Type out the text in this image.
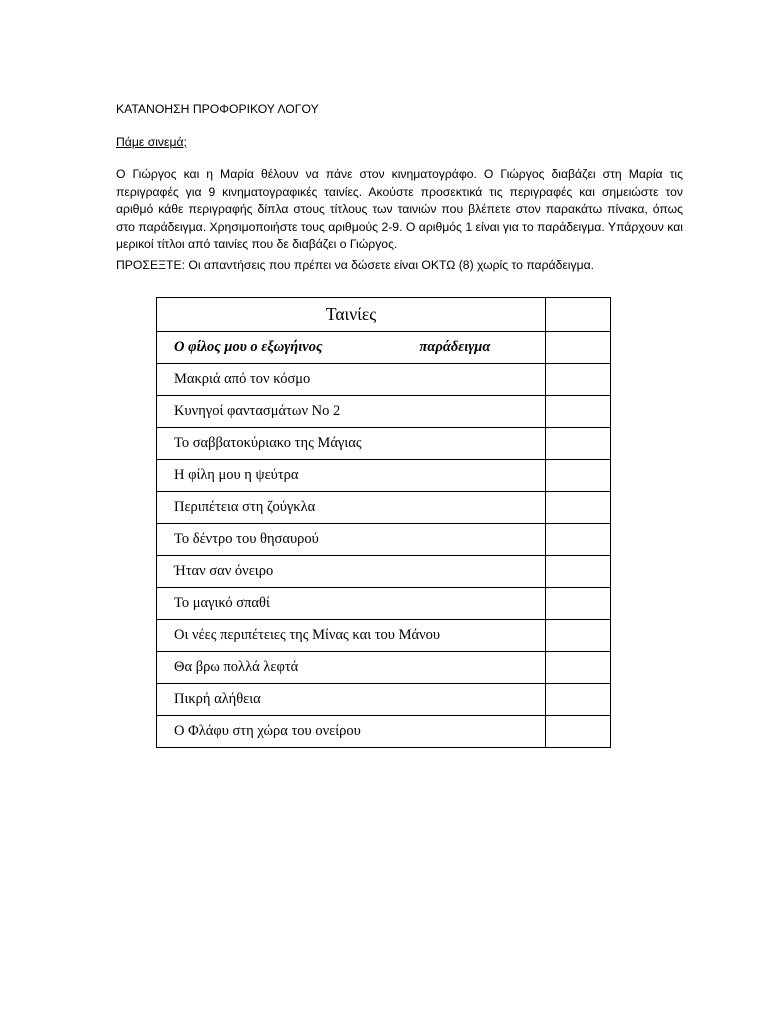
ΚΑΤΑΝΟΗΣΗ ΠΡΟΦΟΡΙΚΟΥ ΛΟΓΟΥ

Πάμε σινεμά;

Ο Γιώργος και η Μαρία θέλουν να πάνε στον κινηματογράφο. Ο Γιώργος διαβάζει στη Μαρία τις περιγραφές για 9 κινηματογραφικές ταινίες. Ακούστε προσεκτικά τις περιγραφές και σημειώστε τον αριθμό κάθε περιγραφής δίπλα στους τίτλους των ταινιών που βλέπετε στον παρακάτω πίνακα, όπως στο παράδειγμα. Χρησιμοποιήστε τους αριθμούς 2-9. Ο αριθμός 1 είναι για το παράδειγμα. Υπάρχουν και μερικοί τίτλοι από ταινίες που δε διαβάζει ο Γιώργος.

ΠΡΟΣΕΞΤΕ: Οι απαντήσεις που πρέπει να δώσετε είναι ΟΚΤΩ (8) χωρίς το παράδειγμα.

Ταινίες	
Ο φίλος μου ο εξωγήινος παράδειγμα	
Μακριά από τον κόσμο	
Κυνηγοί φαντασμάτων Νο 2	
Το σαββατοκύριακο της Μάγιας	
Η φίλη μου η ψεύτρα	
Περιπέτεια στη ζούγκλα	
Το δέντρο του θησαυρού	
Ήταν σαν όνειρο	
Το μαγικό σπαθί	
Οι νέες περιπέτειες της Μίνας και του Μάνου	
Θα βρω πολλά λεφτά	
Πικρή αλήθεια	
Ο Φλάφυ στη χώρα του ονείρου	
